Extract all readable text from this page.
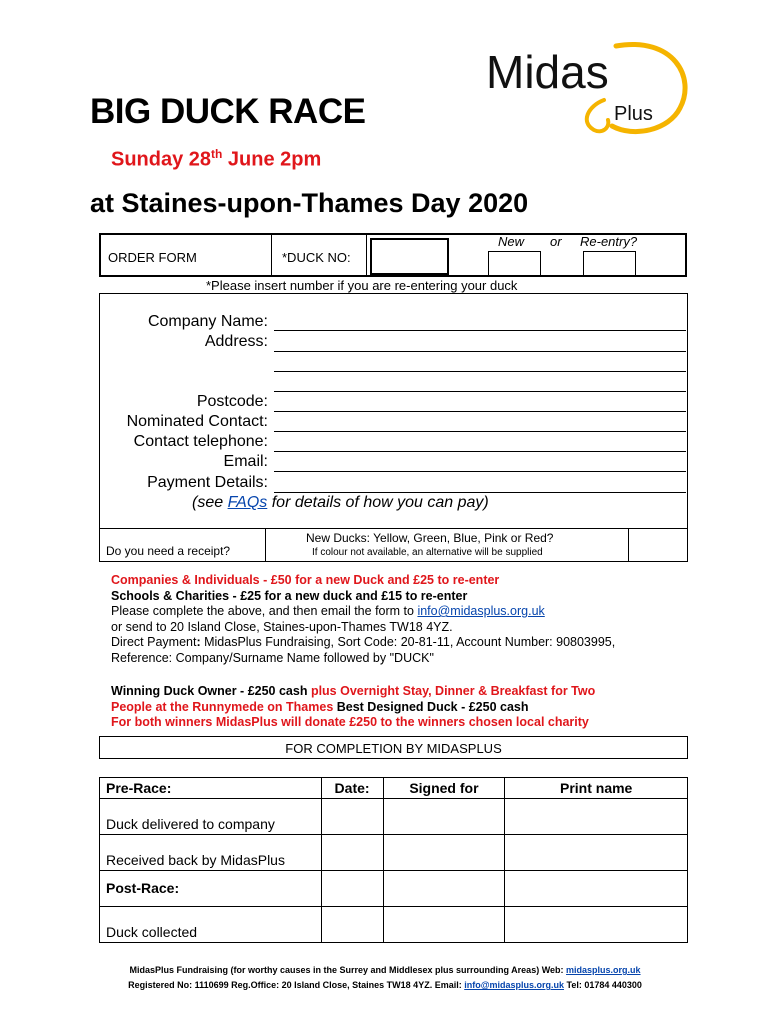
BIG DUCK RACE
Sunday 28th June 2pm
at Staines-upon-Thames Day 2020
Midas
Plus
ORDER FORM	*DUCK NO:
New or Re-entry?
*Please insert number if you are re-entering your duck
Company Name:
Address:
Postcode:
Nominated Contact:
Contact telephone:
Email:
Payment Details:
(see FAQs for details of how you can pay)
Do you need a receipt?
New Ducks: Yellow, Green, Blue, Pink or Red?
If colour not available, an alternative will be supplied
Companies & Individuals - £50 for a new Duck and £25 to re-enter
Schools & Charities - £25 for a new duck and £15 to re-enter
Please complete the above, and then email the form to info@midasplus.org.uk
or send to 20 Island Close, Staines-upon-Thames TW18 4YZ.
Direct Payment: MidasPlus Fundraising, Sort Code: 20-81-11, Account Number: 90803995,
Reference: Company/Surname Name followed by "DUCK"
Winning Duck Owner - £250 cash plus Overnight Stay, Dinner & Breakfast for Two
People at the Runnymede on Thames Best Designed Duck - £250 cash
For both winners MidasPlus will donate £250 to the winners chosen local charity
FOR COMPLETION BY MIDASPLUS
Pre-Race:	Date:	Signed for	Print name
Duck delivered to company			
Received back by MidasPlus			
Post-Race:			
Duck collected			
MidasPlus Fundraising (for worthy causes in the Surrey and Middlesex plus surrounding Areas) Web: midasplus.org.uk
Registered No: 1110699 Reg.Office: 20 Island Close, Staines TW18 4YZ. Email: info@midasplus.org.uk Tel: 01784 440300
